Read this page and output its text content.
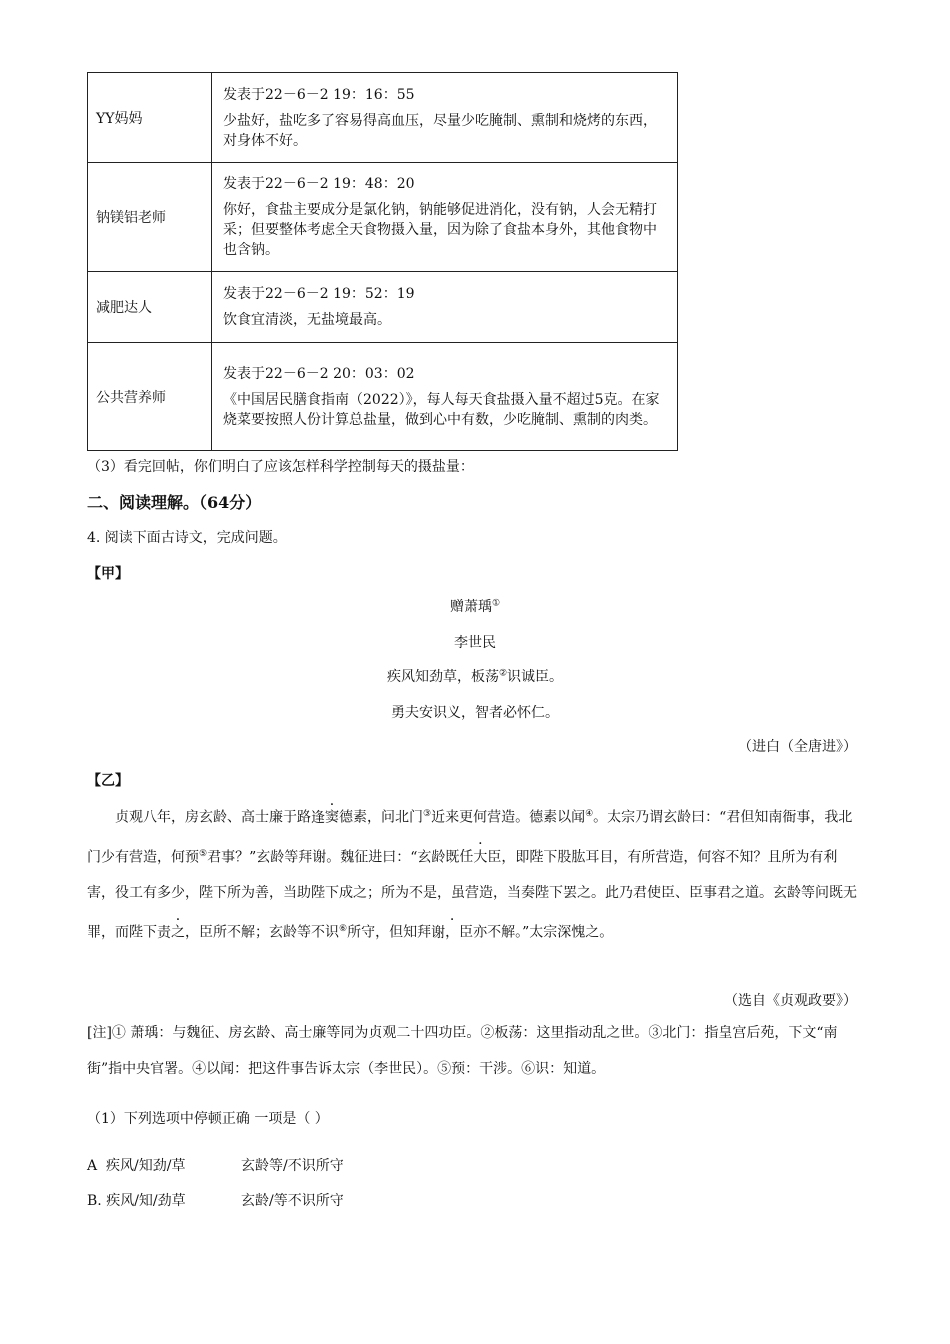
YY妈妈	发表于22－6－2 19：16：55
少盐好，盐吃多了容易得高血压，尽量少吃腌制、熏制和烧烤的东西，对身体不好。

钠镁铝老师	发表于22－6－2 19：48：20
你好，食盐主要成分是氯化钠，钠能够促进消化，没有钠，人会无精打采；但要整体考虑全天食物摄入量，因为除了食盐本身外，其他食物中也含钠。

减肥达人	发表于22－6－2 19：52：19
饮食宜清淡，无盐境最高。

公共营养师	发表于22－6－2 20：03：02
《中国居民膳食指南（2022）》，每人每天食盐摄入量不超过5克。在家烧菜要按照人份计算总盐量，做到心中有数，少吃腌制、熏制的肉类。
（3）看完回帖，你们明白了应该怎样科学控制每天的摄盐量：
二、阅读理解。（64分）
4. 阅读下面古诗文，完成问题。
【甲】
赠萧瑀①
李世民
疾风知劲草，板荡②识诚臣。
勇夫安识义，智者必怀仁。
（进白（全唐进》）
【乙】
贞观八年，房玄龄、高士廉于路逢窦德素，问北门③近来更何营造。德素以闻④。太宗乃谓玄龄曰：“君但知南衙事，我北门少有营造，何预⑤君事？”玄龄等拜谢。魏征进曰：“玄龄既任大臣，即陛下股肱耳目，有所营造，何容不知？且所为有利害，役工有多少，陛下所为善，当助陛下成之；所为不是，虽营造，当奏陛下罢之。此乃君使臣、臣事君之道。玄龄等问既无罪，而陛下责之，臣所不解；玄龄等不识⑥所守，但知拜谢，臣亦不解。”太宗深愧之。
（选自《贞观政要》）
[注]① 萧瑀：与魏征、房玄龄、高士廉等同为贞观二十四功臣。②板荡：这里指动乱之世。③北门：指皇宫后苑，下文“南街”指中央官署。④以闻：把这件事告诉太宗（李世民）。⑤预：干涉。⑥识：知道。
（1）下列选项中停顿正确 一项是（ ）
A 疾风/知劲/草	玄龄等/不识所守
B. 疾风/知/劲草	玄龄/等不识所守
